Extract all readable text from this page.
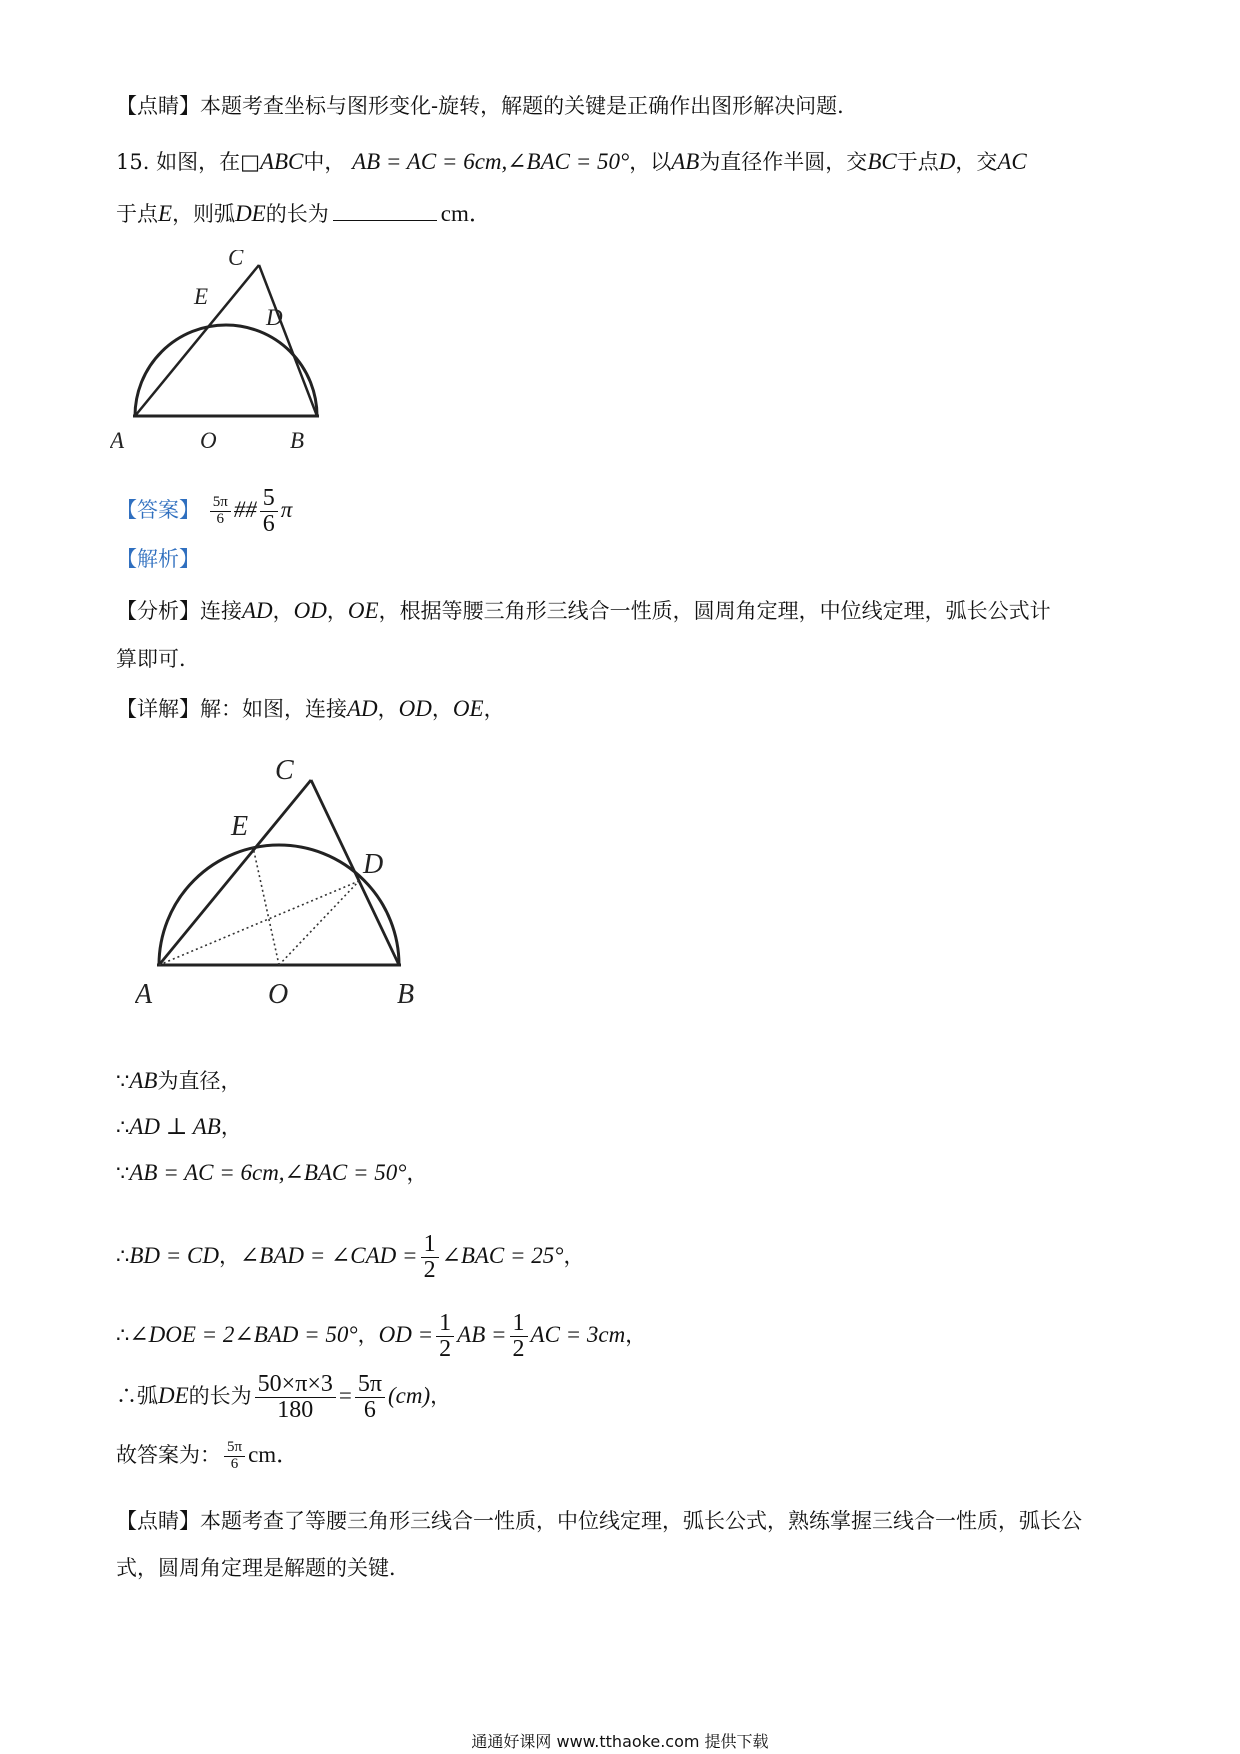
【点睛】本题考查坐标与图形变化-旋转，解题的关键是正确作出图形解决问题．
15. 如图，在□ABC中， AB = AC = 6cm,∠BAC = 50°，以AB为直径作半圆，交BC于点D，交AC
于点E，则弧DE的长为	cm．
C
E
D
A	O	B
【答案】 $\frac{5\pi}{6}$ ## $\frac{5}{6}$ π
【解析】
【分析】连接AD，OD，OE，根据等腰三角形三线合一性质，圆周角定理，中位线定理，弧长公式计
算即可．
【详解】解：如图，连接AD，OD，OE，
C
E
D
A	O	B
∵AB为直径，
∴AD ⊥ AB，
∵AB = AC = 6cm,∠BAC = 50°，
∴BD = CD，∠BAD = ∠CAD = $\frac{1}{2}$ ∠BAC = 25°，
∴∠DOE = 2∠BAD = 50°，OD = $\frac{1}{2}$ AB = $\frac{1}{2}$ AC = 3cm，
∴弧DE的长为 $\frac{50\times\pi\times 3}{180} = \frac{5\pi}{6} (cm)$，
故答案为： $\frac{5\pi}{6}$ cm．
【点睛】本题考查了等腰三角形三线合一性质，中位线定理，弧长公式，熟练掌握三线合一性质，弧长公
式，圆周角定理是解题的关键．
通通好课网 www.tthaoke.com 提供下载
